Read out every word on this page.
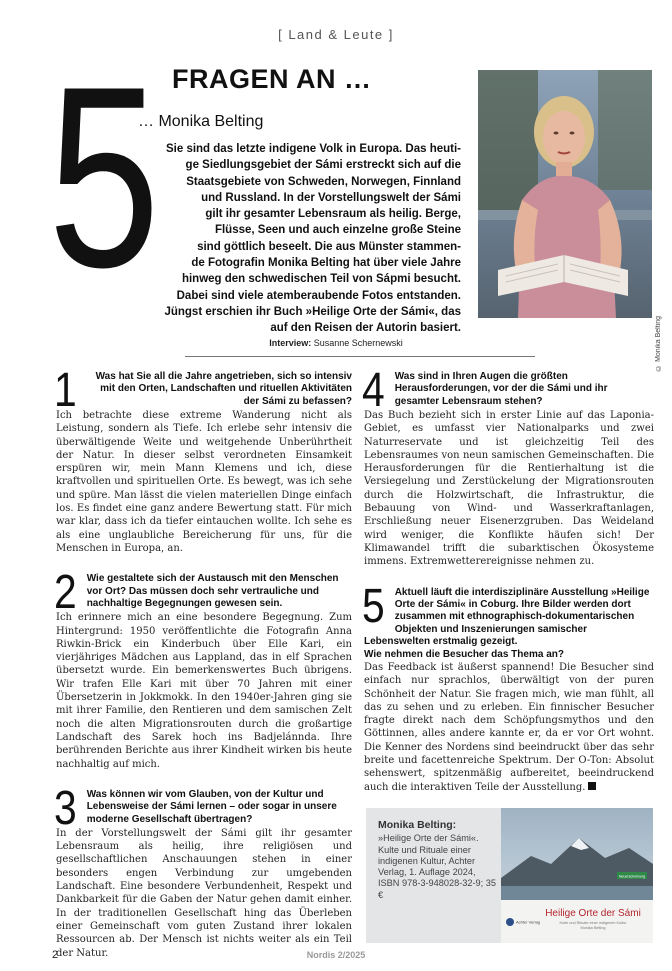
[ Land & Leute ]
5 FRAGEN AN …
… Monika Belting
Sie sind das letzte indigene Volk in Europa. Das heuti-
ge Siedlungsgebiet der Sámi erstreckt sich auf die
Staatsgebiete von Schweden, Norwegen, Finnland
und Russland. In der Vorstellungswelt der Sámi
gilt ihr gesamter Lebensraum als heilig. Berge,
Flüsse, Seen und auch einzelne große Steine
sind göttlich beseelt. Die aus Münster stammen-
de Fotografin Monika Belting hat über viele Jahre
hinweg den schwedischen Teil von Sápmi besucht.
Dabei sind viele atemberaubende Fotos entstanden.
Jüngst erschien ihr Buch »Heilige Orte der Sámi«, das
auf den Reisen der Autorin basiert.	© Monika Belting
Interview: Susanne Schernewski
1	Was hat Sie all die Jahre angetrieben, sich so intensiv mit den Orten, Landschaften und rituellen Aktivitäten der Sámi zu befassen?
Ich betrachte diese extreme Wanderung nicht als Leistung, sondern als Tiefe. Ich erlebe sehr intensiv die überwältigende Weite und weitgehende Unberührtheit der Natur. In dieser selbst verordneten Einsamkeit erspüren wir, mein Mann Klemens und ich, diese kraftvollen und spirituellen Orte. Es bewegt, was ich sehe und spüre. Man lässt die vielen materiellen Dinge einfach los. Es findet eine ganz andere Bewertung statt. Für mich war klar, dass ich da tiefer eintauchen wollte. Ich sehe es als eine unglaubliche Bereicherung für uns, für die Menschen in Europa, an.
2	Wie gestaltete sich der Austausch mit den Menschen vor Ort? Das müssen doch sehr vertrauliche und nachhaltige Begegnungen gewesen sein.
Ich erinnere mich an eine besondere Begegnung. Zum Hintergrund: 1950 veröffentlichte die Fotografin Anna Riwkin-Brick ein Kinderbuch über Elle Kari, ein vierjähriges Mädchen aus Lappland, das in elf Sprachen übersetzt wurde. Ein bemerkenswertes Buch übrigens. Wir trafen Elle Kari mit über 70 Jahren mit einer Übersetzerin in Jokkmokk. In den 1940er-Jahren ging sie mit ihrer Familie, den Rentieren und dem samischen Zelt noch die alten Migrationsrouten durch die großartige Landschaft des Sarek hoch ins Badjelánnda. Ihre berührenden Berichte aus ihrer Kindheit wirken bis heute nachhaltig auf mich.
3	Was können wir vom Glauben, von der Kultur und Lebensweise der Sámi lernen – oder sogar in unsere moderne Gesellschaft übertragen?
In der Vorstellungswelt der Sámi gilt ihr gesamter Lebensraum als heilig, ihre religiösen und gesellschaftlichen Anschauungen stehen in einer besonders engen Verbindung zur umgebenden Landschaft. Eine besondere Verbundenheit, Respekt und Dankbarkeit für die Gaben der Natur gehen damit einher. In der traditionellen Gesellschaft hing das Überleben einer Gemeinschaft vom guten Zustand ihrer lokalen Ressourcen ab. Der Mensch ist nichts weiter als ein Teil der Natur.
4	Was sind in Ihren Augen die größten Herausforderungen, vor der die Sámi und ihr gesamter Lebensraum stehen?
Das Buch bezieht sich in erster Linie auf das Laponia-Gebiet, es umfasst vier Nationalparks und zwei Naturreservate und ist gleichzeitig Teil des Lebensraumes von neun samischen Gemeinschaften. Die Herausforderungen für die Rentierhaltung ist die Versiegelung und Zerstückelung der Migrationsrouten durch die Holzwirtschaft, die Infrastruktur, die Bebauung von Wind- und Wasserkraftanlagen, Erschließung neuer Eisenerzgruben. Das Weideland wird weniger, die Konflikte häufen sich! Der Klimawandel trifft die subarktischen Ökosysteme immens. Extremwetterereignisse nehmen zu.
5	Aktuell läuft die interdisziplinäre Ausstellung »Heilige Orte der Sámi« in Coburg. Ihre Bilder werden dort zusammen mit ethnographisch-dokumentarischen Objekten und Inszenierungen samischer Lebenswelten erstmalig gezeigt.
Wie nehmen die Besucher das Thema an?
Das Feedback ist äußerst spannend! Die Besucher sind einfach nur sprachlos, überwältigt von der puren Schönheit der Natur. Sie fragen mich, wie man fühlt, all das zu sehen und zu erleben. Ein finnischer Besucher fragte direkt nach dem Schöpfungsmythos und den Göttinnen, alles andere kannte er, da er vor Ort wohnt. Die Kenner des Nordens sind beeindruckt über das sehr breite und facettenreiche Spektrum. Der O-Ton: Absolut sehenswert, spitzenmäßig aufbereitet, beeindruckend auch die interaktiven Teile der Ausstellung.
Monika Belting:
»Heilige Orte der Sámi«. Kulte und Rituale einer indigenen Kultur, Achter Verlag, 1. Auflage 2024, ISBN 978-3-948028-32-9; 35 €
Neuerscheinung
Heilige Orte der Sámi
Kulte und Rituale einer indigenen Kultur
Monika Belting
Achter Verlag
2	Nordis 2/2025
